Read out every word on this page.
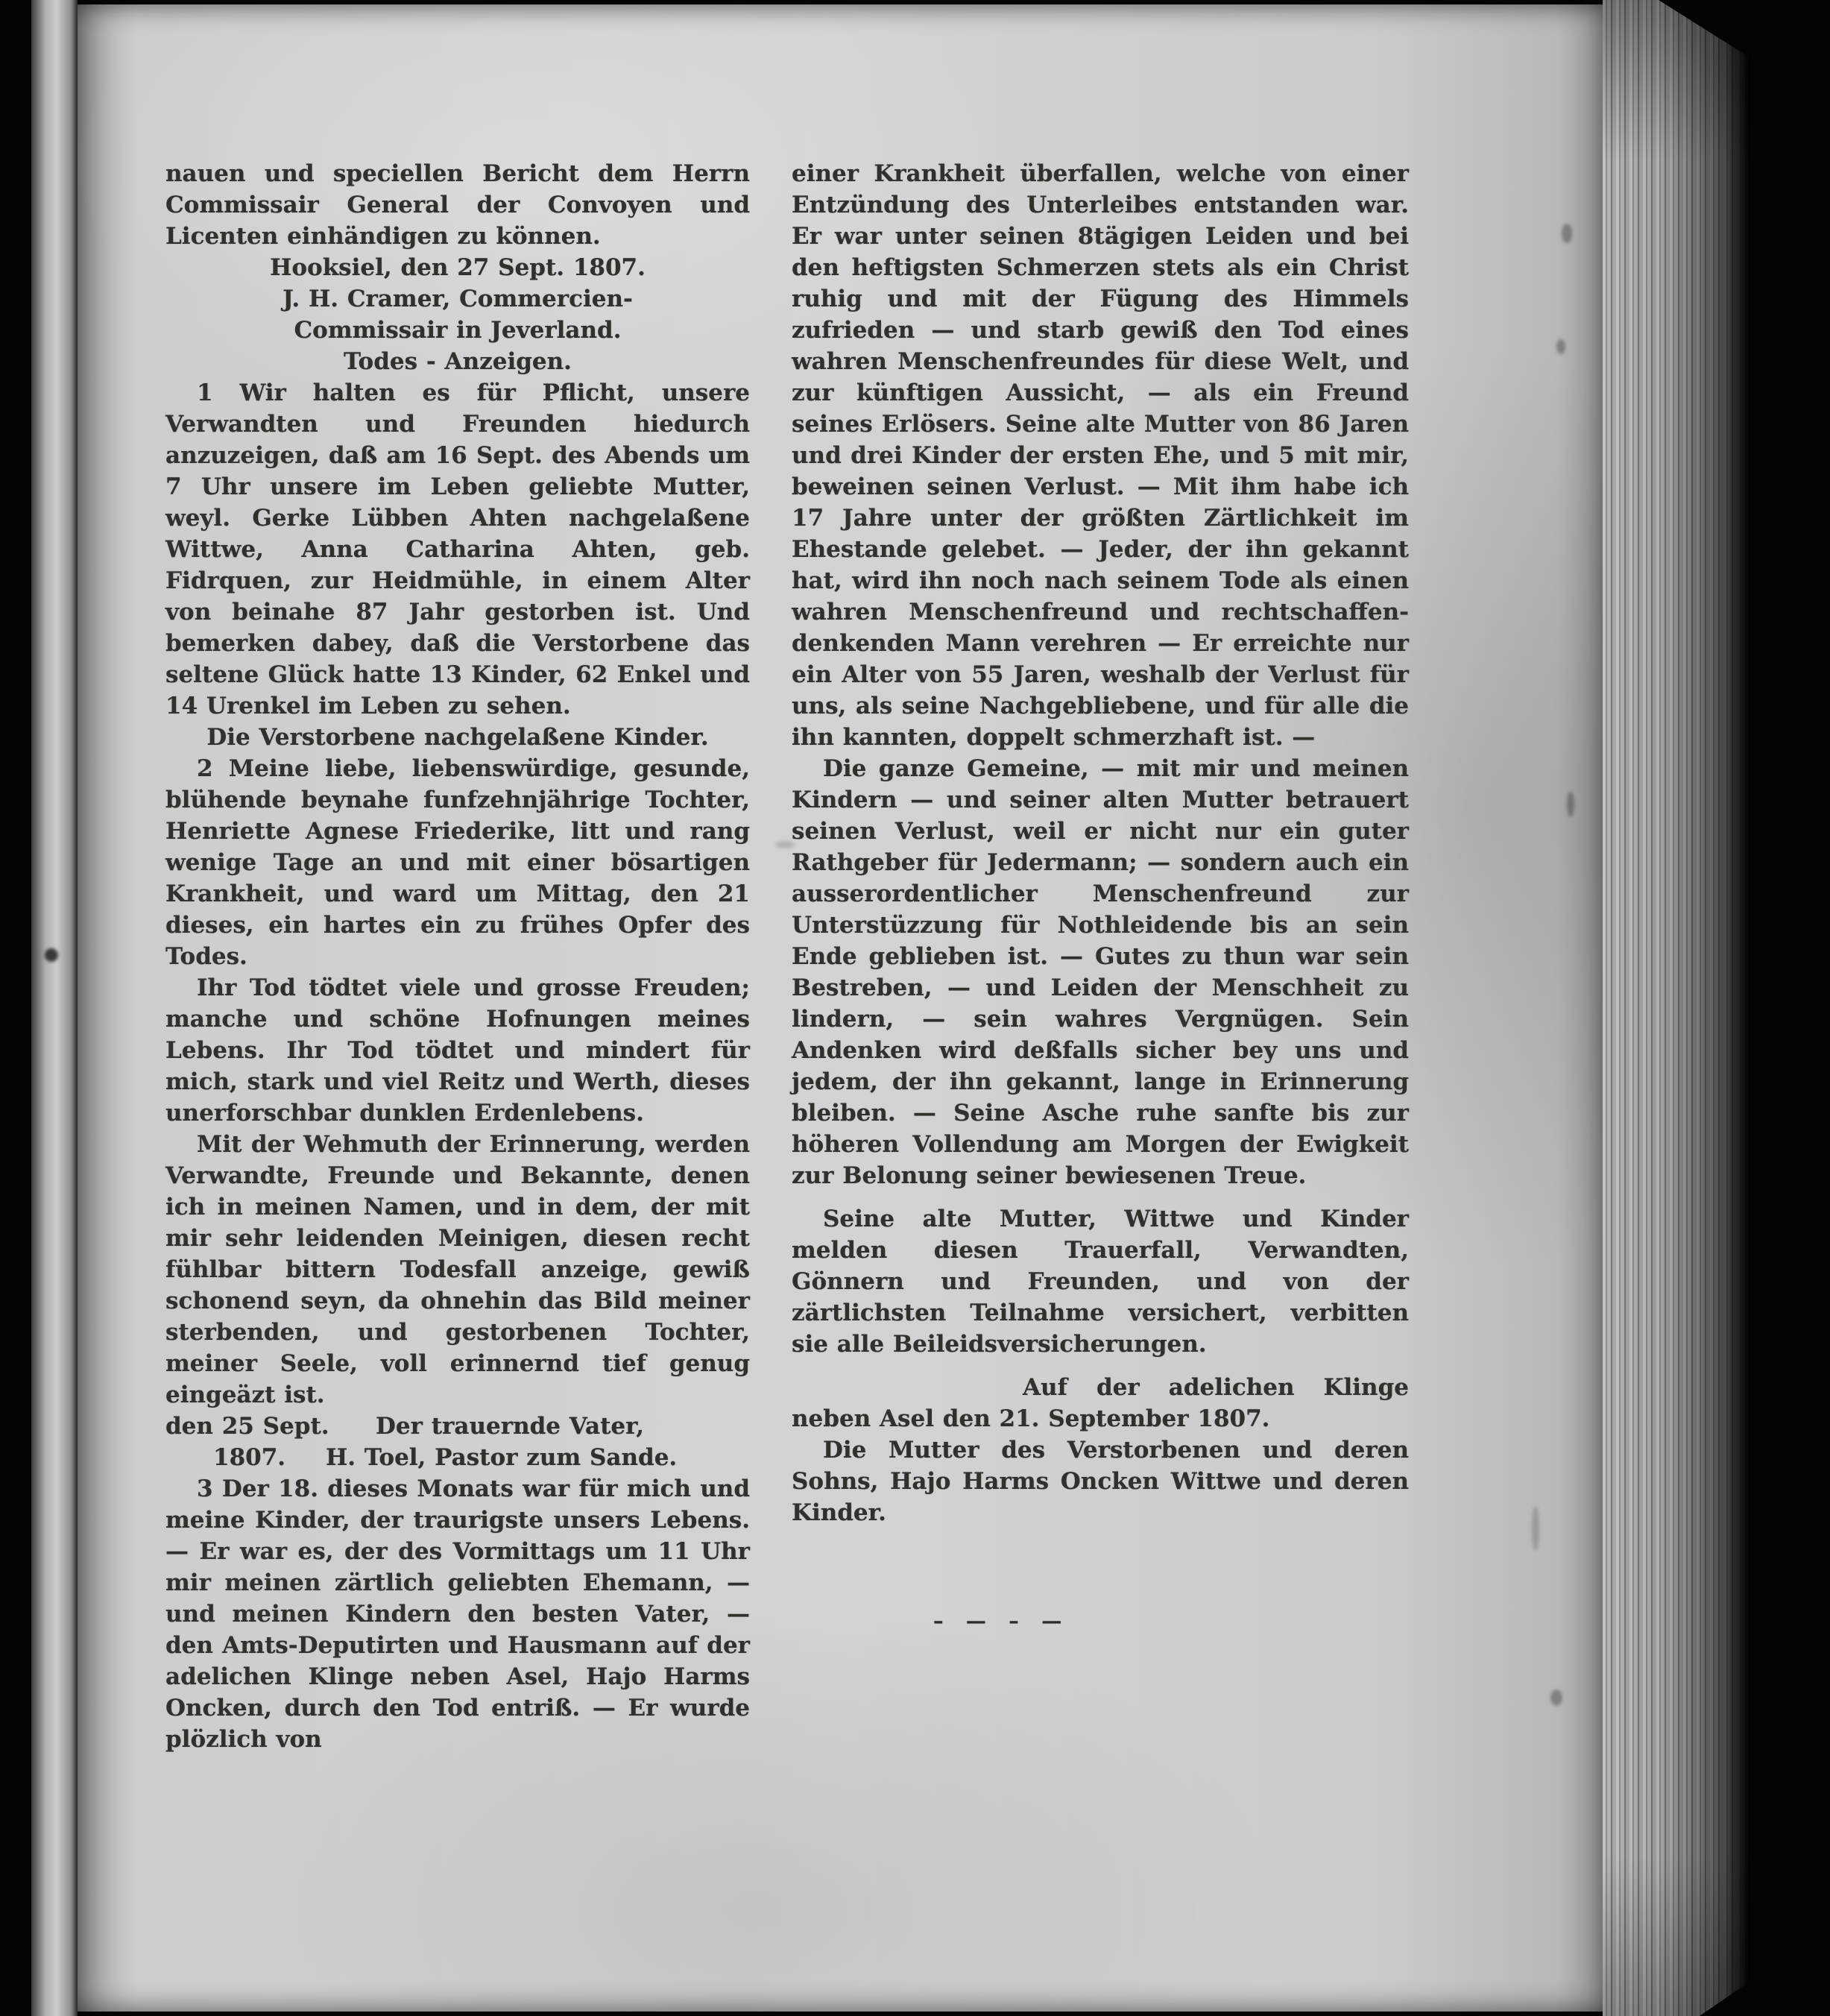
nauen und speciellen Bericht dem Herrn Commissair General der Convoyen und Licenten einhändigen zu können.
Hooksiel, den 27 Sept. 1807.
J. H. Cramer, Commercien-Commissair in Jeverland.
Todes - Anzeigen.
1 Wir halten es für Pflicht, unsere Verwandten und Freunden hiedurch anzuzeigen, daß am 16 Sept. des Abends um 7 Uhr unsere im Leben geliebte Mutter, weyl. Gerke Lübben Ahten nachgelaßene Wittwe, Anna Catharina Ahten, geb. Fidrquen, zur Heidmühle, in einem Alter von beinahe 87 Jahr gestorben ist. Und bemerken dabey, daß die Verstorbene das seltene Glück hatte 13 Kinder, 62 Enkel und 14 Urenkel im Leben zu sehen.
Die Verstorbene nachgelaßene Kinder.
2 Meine liebe, liebenswürdige, gesunde, blühende beynahe funfzehnjährige Tochter, Henriette Agnese Friederike, litt und rang wenige Tage an und mit einer bösartigen Krankheit, und ward um Mittag, den 21 dieses, ein hartes ein zu frühes Opfer des Todes.
Ihr Tod tödtet viele und grosse Freuden; manche und schöne Hofnungen meines Lebens. Ihr Tod tödtet und mindert für mich, stark und viel Reitz und Werth, dieses unerforschbar dunklen Erdenlebens.
Mit der Wehmuth der Erinnerung, werden Verwandte, Freunde und Bekannte, denen ich in meinen Namen, und in dem, der mit mir sehr leidenden Meinigen, diesen recht fühlbar bittern Todesfall anzeige, gewiß schonend seyn, da ohnehin das Bild meiner sterbenden, und gestorbenen Tochter, meiner Seele, voll erinnernd tief genug eingeäzt ist.
den 25 Sept.	Der trauernde Vater,
1807.	H. Toel, Pastor zum Sande.
3 Der 18. dieses Monats war für mich und meine Kinder, der traurigste unsers Lebens. — Er war es, der des Vormittags um 11 Uhr mir meinen zärtlich geliebten Ehemann, — und meinen Kindern den besten Vater, — den Amts-Deputirten und Hausmann auf der adelichen Klinge neben Asel, Hajo Harms Oncken, durch den Tod entriß. — Er wurde plözlich von
einer Krankheit überfallen, welche von einer Entzündung des Unterleibes entstanden war. Er war unter seinen 8tägigen Leiden und bei den heftigsten Schmerzen stets als ein Christ ruhig und mit der Fügung des Himmels zufrieden — und starb gewiß den Tod eines wahren Menschenfreundes für diese Welt, und zur künftigen Aussicht, — als ein Freund seines Erlösers. Seine alte Mutter von 86 Jaren und drei Kinder der ersten Ehe, und 5 mit mir, beweinen seinen Verlust. — Mit ihm habe ich 17 Jahre unter der größten Zärtlichkeit im Ehestande gelebet. — Jeder, der ihn gekannt hat, wird ihn noch nach seinem Tode als einen wahren Menschenfreund und rechtschaffen-denkenden Mann verehren — Er erreichte nur ein Alter von 55 Jaren, weshalb der Verlust für uns, als seine Nachgebliebene, und für alle die ihn kannten, doppelt schmerzhaft ist. —
Die ganze Gemeine, — mit mir und meinen Kindern — und seiner alten Mutter betrauert seinen Verlust, weil er nicht nur ein guter Rathgeber für Jedermann; — sondern auch ein ausserordentlicher Menschenfreund zur Unterstüzzung für Nothleidende bis an sein Ende geblieben ist. — Gutes zu thun war sein Bestreben, — und Leiden der Menschheit zu lindern, — sein wahres Vergnügen. Sein Andenken wird deßfalls sicher bey uns und jedem, der ihn gekannt, lange in Erinnerung bleiben. — Seine Asche ruhe sanfte bis zur höheren Vollendung am Morgen der Ewigkeit zur Belonung seiner bewiesenen Treue.
Seine alte Mutter, Wittwe und Kinder melden diesen Trauerfall, Verwandten, Gönnern und Freunden, und von der zärtlichsten Teilnahme versichert, verbitten sie alle Beileidsversicherungen.
Auf der adelichen Klinge neben Asel den 21. September 1807.
Die Mutter des Verstorbenen und deren Sohns, Hajo Harms Oncken Wittwe und deren Kinder.
– — – —
